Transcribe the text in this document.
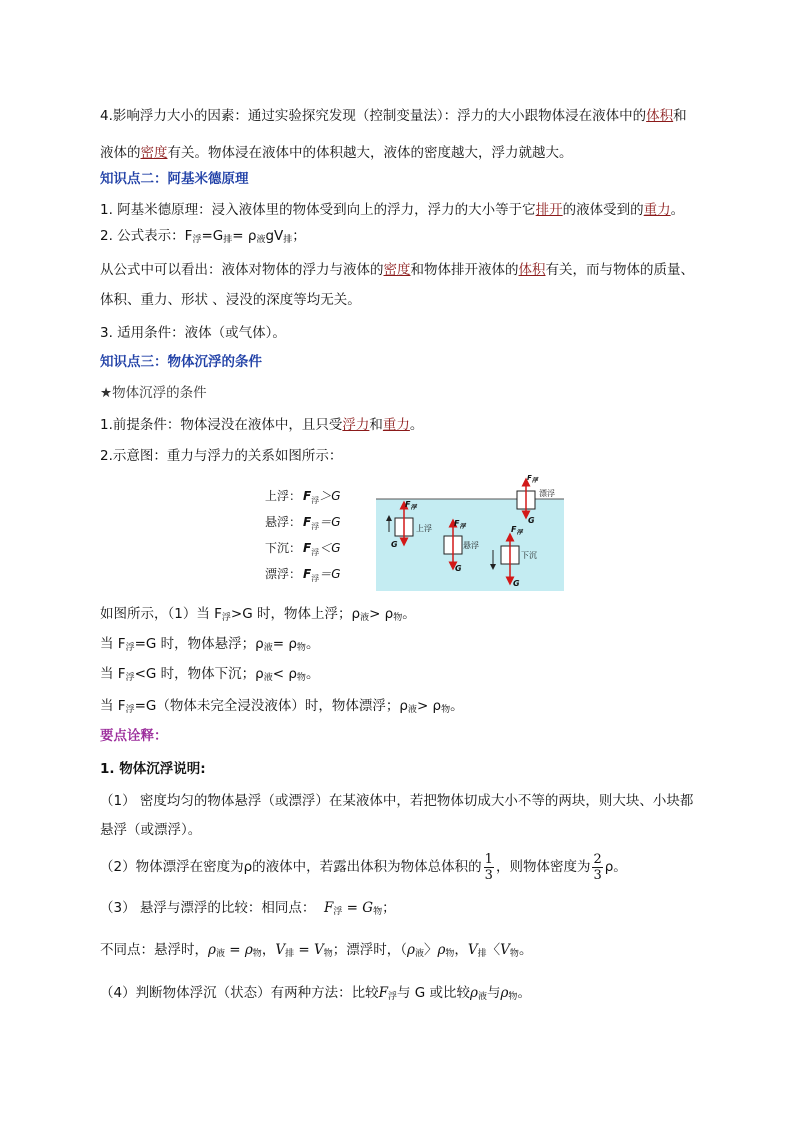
4.影响浮力大小的因素：通过实验探究发现（控制变量法）：浮力的大小跟物体浸在液体中的体积和
液体的密度有关。物体浸在液体中的体积越大，液体的密度越大，浮力就越大。
知识点二：阿基米德原理
1. 阿基米德原理：浸入液体里的物体受到向上的浮力，浮力的大小等于它排开的液体受到的重力。
2. 公式表示：$F_浮=G_排= \rho_液gV_排$；
从公式中可以看出：液体对物体的浮力与液体的密度和物体排开液体的体积有关，而与物体的质量、
体积、重力、形状 、浸没的深度等均无关。
3. 适用条件：液体（或气体）。
知识点三：物体沉浮的条件
★物体沉浮的条件
1.前提条件：物体浸没在液体中，且只受浮力和重力。
2.示意图：重力与浮力的关系如图所示：
上浮： $F_浮>G$
悬浮： $F_浮=G$
下沉： $F_浮<G$
漂浮： $F_浮=G$
$F_浮$
G
上浮
$F_浮$
G
悬浮
$F_浮$
G
下沉
F浮
G
漂浮
如图所示，（1）当 $F_浮>G$ 时，物体上浮；$\rho_液> \rho_物$。
当 $F_浮=G$ 时，物体悬浮；$\rho_液= \rho_物$。
当 $F_浮<G$ 时，物体下沉；$\rho_液< \rho_物$。
当 $F_浮=G$（物体未完全浸没液体）时，物体漂浮；$\rho_液> \rho_物$。
要点诠释：
1. 物体沉浮说明:
（1） 密度均匀的物体悬浮（或漂浮）在某液体中，若把物体切成大小不等的两块，则大块、小块都
悬浮（或漂浮）。
（2）物体漂浮在密度为ρ的液体中，若露出体积为物体总体积的 $\frac{1}{3}$ ，则物体密度为 $\frac{2}{3}$ ρ。
（3） 悬浮与漂浮的比较：相同点： $F_浮 = G_物$；
不同点：悬浮时，$\rho_液 = \rho_物$，$V_排 = V_物$；漂浮时，（$\rho_液$〉$\rho_物$，$V_排$〈$V_物$。
（4）判断物体浮沉（状态）有两种方法：比较$F_浮$与 G 或比较$\rho_液$与$\rho_物$。
